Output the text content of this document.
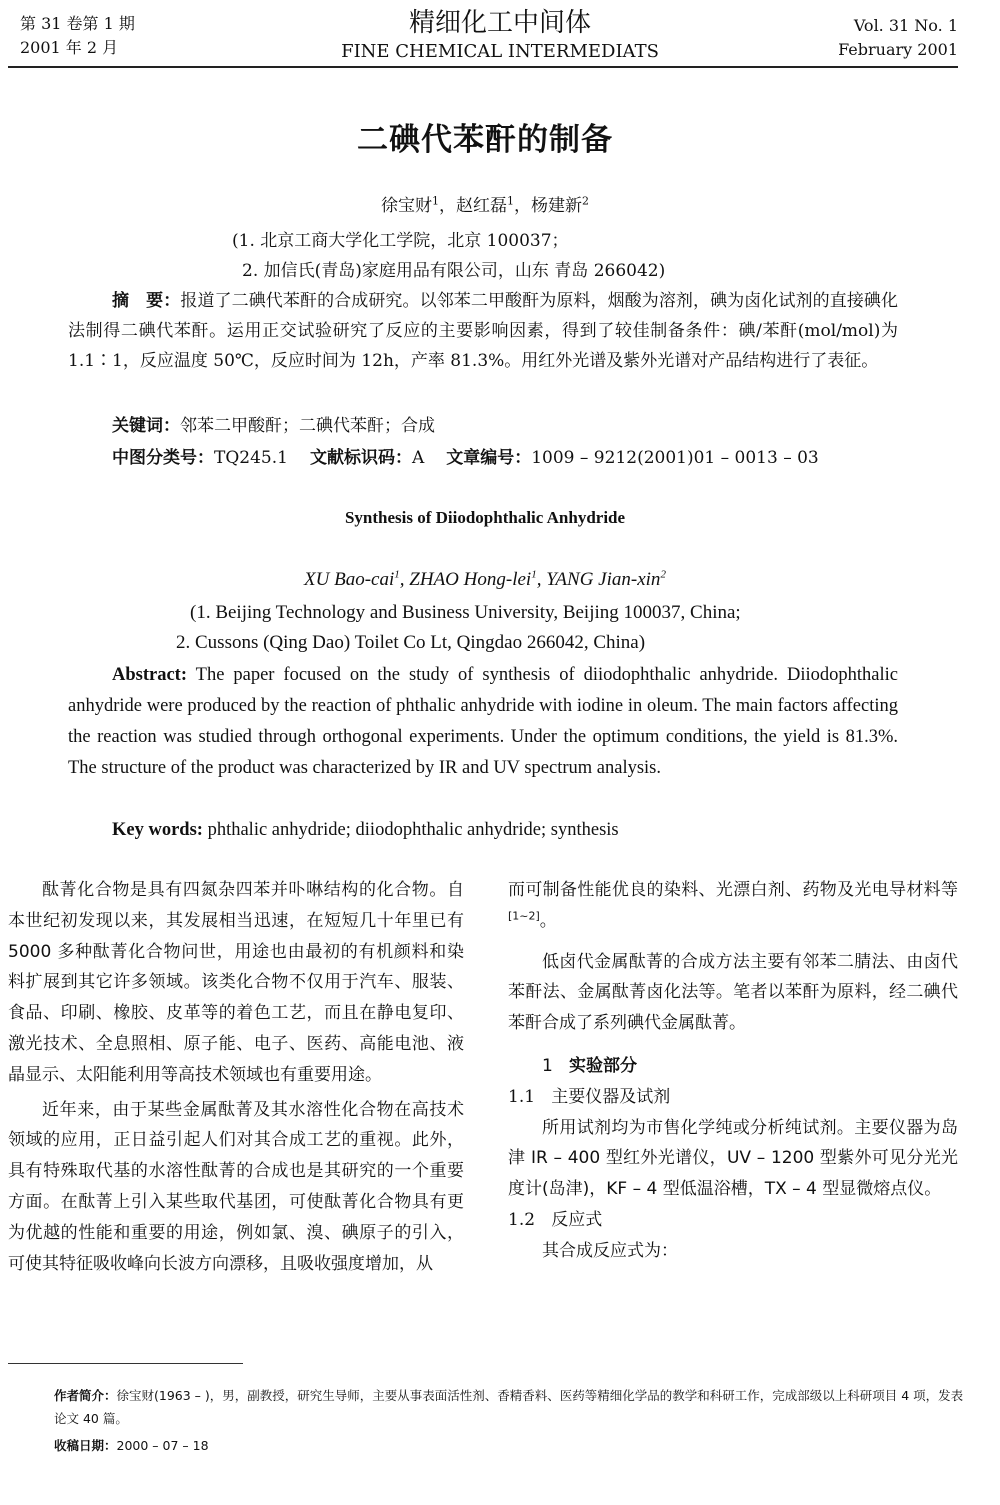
第 31 卷第 1 期
2001 年 2 月
精细化工中间体
FINE CHEMICAL INTERMEDIATS
Vol. 31 No. 1
February 2001
二碘代苯酐的制备
徐宝财$^1$，赵红磊$^1$，杨建新$^2$
(1. 北京工商大学化工学院，北京 100037；
2. 加信氏(青岛)家庭用品有限公司，山东 青岛 266042)
摘　要：报道了二碘代苯酐的合成研究。以邻苯二甲酸酐为原料，烟酸为溶剂，碘为卤化试剂的直接碘化法制得二碘代苯酐。运用正交试验研究了反应的主要影响因素，得到了较佳制备条件：碘/苯酐(mol/mol)为 1.1∶1，反应温度 50℃，反应时间为 12h，产率 81.3%。用红外光谱及紫外光谱对产品结构进行了表征。
关键词：邻苯二甲酸酐；二碘代苯酐；合成
中图分类号：TQ245.1 文献标识码：A 文章编号：1009 – 9212(2001)01 – 0013 – 03
Synthesis of Diiodophthalic Anhydride
XU Bao-cai$^1$, ZHAO Hong-lei$^1$, YANG Jian-xin$^2$
(1. Beijing Technology and Business University, Beijing 100037, China;
2. Cussons (Qing Dao) Toilet Co Lt, Qingdao 266042, China)
Abstract: The paper focused on the study of synthesis of diiodophthalic anhydride. Diiodophthalic anhydride were produced by the reaction of phthalic anhydride with iodine in oleum. The main factors affecting the reaction was studied through orthogonal experiments. Under the optimum conditions, the yield is 81.3%. The structure of the product was characterized by IR and UV spectrum analysis.
Key words: phthalic anhydride; diiodophthalic anhydride; synthesis

酞菁化合物是具有四氮杂四苯并卟啉结构的化合物。自本世纪初发现以来，其发展相当迅速，在短短几十年里已有 5000 多种酞菁化合物问世，用途也由最初的有机颜料和染料扩展到其它许多领域。该类化合物不仅用于汽车、服装、食品、印刷、橡胶、皮革等的着色工艺，而且在静电复印、激光技术、全息照相、原子能、电子、医药、高能电池、液晶显示、太阳能利用等高技术领域也有重要用途。

近年来，由于某些金属酞菁及其水溶性化合物在高技术领域的应用，正日益引起人们对其合成工艺的重视。此外，具有特殊取代基的水溶性酞菁的合成也是其研究的一个重要方面。在酞菁上引入某些取代基团，可使酞菁化合物具有更为优越的性能和重要的用途，例如氯、溴、碘原子的引入，可使其特征吸收峰向长波方向漂移，且吸收强度增加，从

而可制备性能优良的染料、光漂白剂、药物及光电导材料等[1~2]。

低卤代金属酞菁的合成方法主要有邻苯二腈法、由卤代苯酐法、金属酞菁卤化法等。笔者以苯酐为原料，经二碘代苯酐合成了系列碘代金属酞菁。

1 实验部分

1.1 主要仪器及试剂

所用试剂均为市售化学纯或分析纯试剂。主要仪器为岛津 IR – 400 型红外光谱仪，UV – 1200 型紫外可见分光光度计(岛津)，KF – 4 型低温浴槽，TX – 4 型显微熔点仪。

1.2 反应式

其合成反应式为：

作者简介：徐宝财(1963 – )，男，副教授，研究生导师，主要从事表面活性剂、香精香料、医药等精细化学品的教学和科研工作，完成部级以上科研项目 4 项，发表论文 40 篇。
收稿日期：2000 – 07 – 18
